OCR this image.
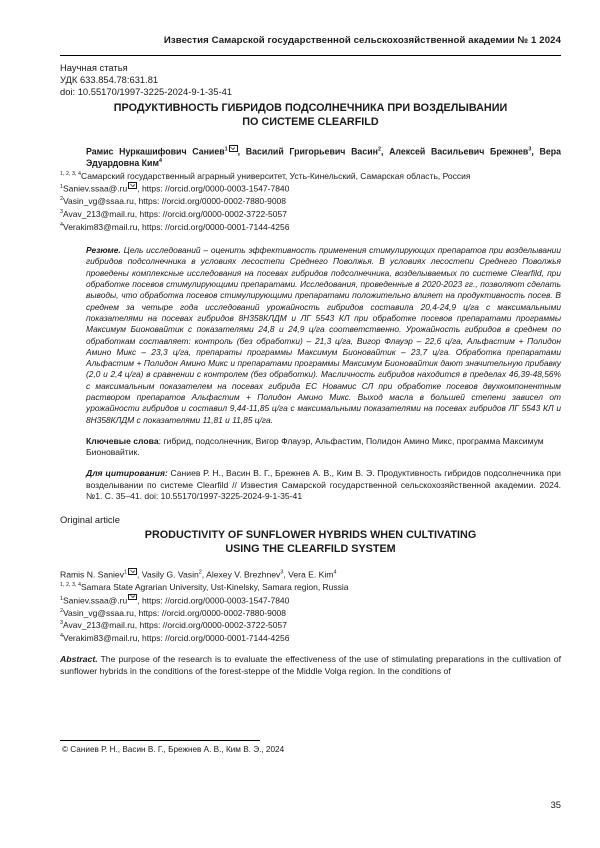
Известия Самарской государственной сельскохозяйственной академии № 1 2024
Научная статья
УДК 633.854.78:631.81
doi: 10.55170/1997-3225-2024-9-1-35-41
ПРОДУКТИВНОСТЬ ГИБРИДОВ ПОДСОЛНЕЧНИКА ПРИ ВОЗДЕЛЫВАНИИ
ПО СИСТЕМЕ CLEARFILD
Рамис Нуркашифович Саниев$^1$ , Василий Григорьевич Васин$^2$, Алексей Васильевич Брежнев$^3$, Вера Эдуардовна Ким$^4$
$^{1, 2, 3, 4}$Самарский государственный аграрный университет, Усть-Кинельский, Самарская область, Россия
$^1$Saniev.ssaa@.ru , https: //orcid.org/0000-0003-1547-7840
$^2$Vasin_vg@ssaa.ru, https: //orcid.org/0000-0002-7880-9008
$^3$Avav_213@mail.ru, https: //orcid.org/0000-0002-3722-5057
$^4$Verakim83@mail.ru, https: //orcid.org/0000-0001-7144-4256
Резюме. Цель исследований – оценить эффективность применения стимулирующих препаратов при возделывании гибридов подсолнечника в условиях лесостепи Среднего Поволжья. В условиях лесостепи Среднего Поволжья проведены комплексные исследования на посевах гибридов подсолнечника, возделываемых по системе Clearfild, при обработке посевов стимулирующими препаратами. Исследования, проведенные в 2020-2023 гг., позволяют сделать выводы, что обработка посевов стимулирующими препаратами положительно влияет на продуктивность посев. В среднем за четыре года исследований урожайность гибридов составила 20,4-24,9 ц/га с максимальными показателями на посевах гибридов 8Н358КЛДМ и ЛГ 5543 КЛ при обработке посевов препаратами программы Максимум Бионовайтик с показателями 24,8 и 24,9 ц/га соответственно. Урожайность гибридов в среднем по обработкам составляет: контроль (без обработки) – 21,3 ц/га, Вигор Флауэр – 22,6 ц/га, Альфастим + Полидон Амино Микс – 23,3 ц/га, препараты программы Максимум Бионовайтик – 23,7 ц/га. Обработка препаратами Альфастим + Полидон Амино Микс и препаратами программы Максимум Бионовайтик дают значительную прибавку (2,0 и 2,4 ц/га) в сравнении с контролем (без обработки). Масличность гибридов находится в пределах 46,39-48,56% с максимальным показателем на посевах гибрида ЕС Новамис СЛ при обработке посевов двухкомпонентным раствором препаратов Альфастим + Полидон Амино Микс. Выход масла в большей степени зависел от урожайности гибридов и составил 9,44-11,85 ц/га с максимальными показателями на посевах гибридов ЛГ 5543 КЛ и 8Н358КЛДМ с показателями 11,81 и 11,85 ц/га.
Ключевые слова: гибрид, подсолнечник, Вигор Флауэр, Альфастим, Полидон Амино Микс, программа Максимум Бионовайтик.
Для цитирования: Саниев Р. Н., Васин В. Г., Брежнев А. В., Ким В. Э. Продуктивность гибридов подсолнечника при возделывании по системе Clearfild // Известия Самарской государственной сельскохозяйственной академии. 2024. №1. С. 35–41. doi: 10.55170/1997-3225-2024-9-1-35-41
Original article
PRODUCTIVITY OF SUNFLOWER HYBRIDS WHEN CULTIVATING
USING THE CLEARFILD SYSTEM
Ramis N. Saniev$^1$ , Vasily G. Vasin$^2$, Alexey V. Brezhnev$^3$, Vera E. Kim$^4$
$^{1, 2, 3, 4}$Samara State Agrarian University, Ust-Kinelsky, Samara region, Russia
$^1$Saniev.ssaa@.ru , https: //orcid.org/0000-0003-1547-7840
$^2$Vasin_vg@ssaa.ru, https: //orcid.org/0000-0002-7880-9008
$^3$Avav_213@mail.ru, https: //orcid.org/0000-0002-3722-5057
$^4$Verakim83@mail.ru, https: //orcid.org/0000-0001-7144-4256
Abstract. The purpose of the research is to evaluate the effectiveness of the use of stimulating preparations in the cultivation of sunflower hybrids in the conditions of the forest-steppe of the Middle Volga region. In the conditions of
© Саниев Р. Н., Васин В. Г., Брежнев А. В., Ким В. Э., 2024
35
